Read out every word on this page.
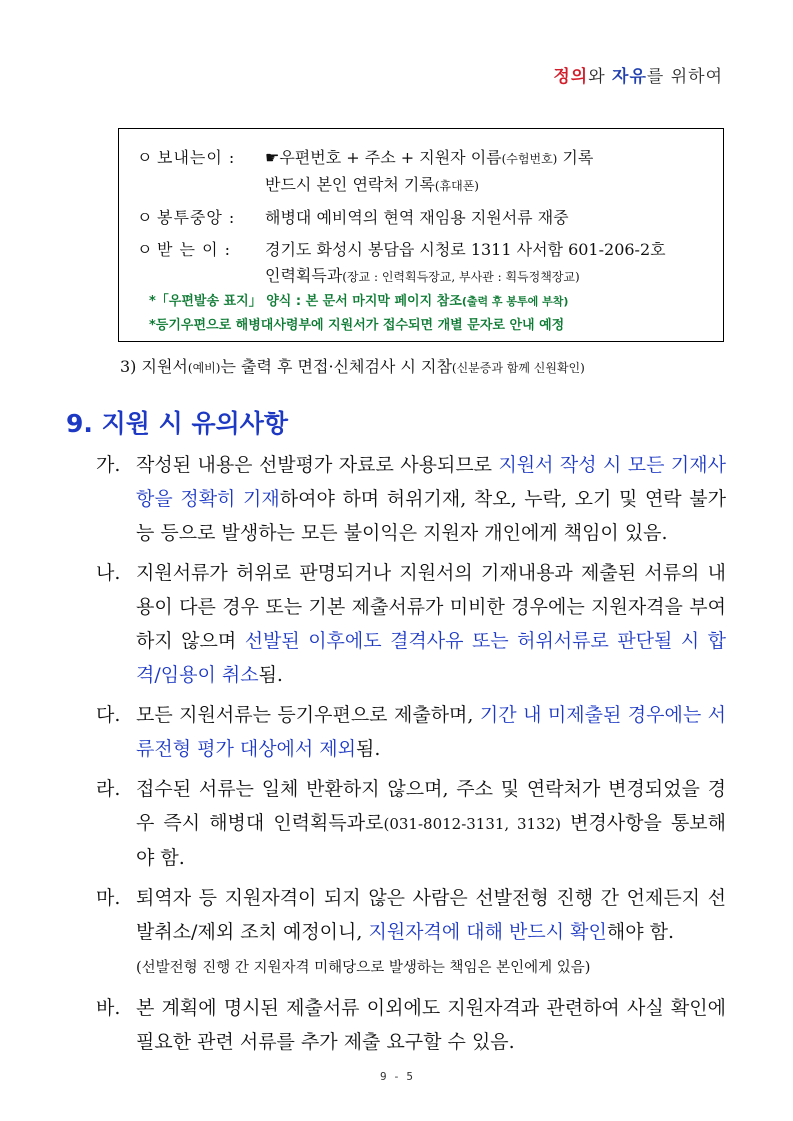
정의와 자유를 위하여
ㅇ 보내는이 :	☛우편번호 + 주소 + 지원자 이름(수험번호) 기록
반드시 본인 연락처 기록(휴대폰)
ㅇ 봉투중앙 :	해병대 예비역의 현역 재임용 지원서류 재중
ㅇ 받 는 이 :	경기도 화성시 봉담읍 시청로 1311 사서함 601-206-2호
인력획득과(장교 : 인력획득장교, 부사관 : 획득정책장교)
*「우편발송 표지」 양식 : 본 문서 마지막 페이지 참조(출력 후 봉투에 부착)
*등기우편으로 해병대사령부에 지원서가 접수되면 개별 문자로 안내 예정
3) 지원서(예비)는 출력 후 면접·신체검사 시 지참(신분증과 함께 신원확인)
9. 지원 시 유의사항
가. 작성된 내용은 선발평가 자료로 사용되므로 지원서 작성 시 모든 기재사항을 정확히 기재하여야 하며 허위기재, 착오, 누락, 오기 및 연락 불가능 등으로 발생하는 모든 불이익은 지원자 개인에게 책임이 있음.
나. 지원서류가 허위로 판명되거나 지원서의 기재내용과 제출된 서류의 내용이 다른 경우 또는 기본 제출서류가 미비한 경우에는 지원자격을 부여하지 않으며 선발된 이후에도 결격사유 또는 허위서류로 판단될 시 합격/임용이 취소됨.
다. 모든 지원서류는 등기우편으로 제출하며, 기간 내 미제출된 경우에는 서류전형 평가 대상에서 제외됨.
라. 접수된 서류는 일체 반환하지 않으며, 주소 및 연락처가 변경되었을 경우 즉시 해병대 인력획득과로(031-8012-3131, 3132) 변경사항을 통보해야 함.
마. 퇴역자 등 지원자격이 되지 않은 사람은 선발전형 진행 간 언제든지 선발취소/제외 조치 예정이니, 지원자격에 대해 반드시 확인해야 함.
(선발전형 진행 간 지원자격 미해당으로 발생하는 책임은 본인에게 있음)
바. 본 계획에 명시된 제출서류 이외에도 지원자격과 관련하여 사실 확인에 필요한 관련 서류를 추가 제출 요구할 수 있음.
9 - 5
